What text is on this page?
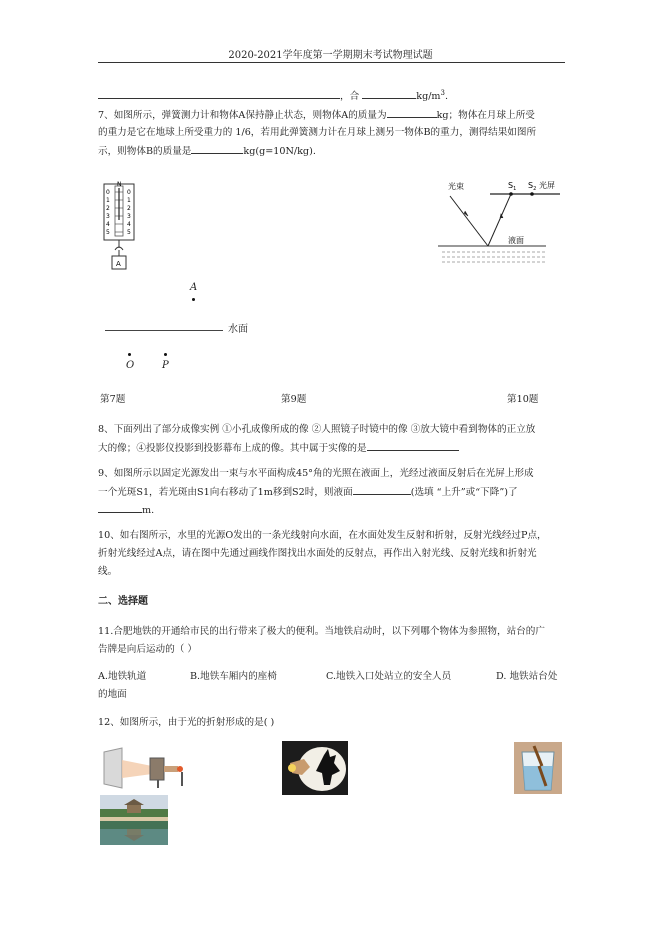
2020-2021学年度第一学期期末考试物理试题
，合	$kg/m^3$.
7、如图所示，弹簧测力计和物体A保持静止状态，则物体A的质量为	kg；物体在月球上所受
的重力是它在地球上所受重力的 1/6，若用此弹簧测力计在月球上测另一物体B的重力，测得结果如图所
示，则物体B的质量是	kg(g=10N/kg).
N
0
1
2
3
4
5
0
1
2
3
4
5
A
A
水面
O	P
$S_1$ $S_2$ 光屏
光束
液面
第7题	第9题	第10题
8、下面列出了部分成像实例 ①小孔成像所成的像 ②人照镜子时镜中的像 ③放大镜中看到物体的正立放
大的像；④投影仪投影到投影幕布上成的像。其中属于实像的是
9、如图所示以固定光源发出一束与水平面构成45°角的光照在液面上，光经过液面反射后在光屏上形成
一个光斑S1，若光斑由S1向右移动了1m移到S2时，则液面	(选填 “上升”或“下降”)了
m.
10、如右图所示，水里的光源O发出的一条光线射向水面，在水面处发生反射和折射，反射光线经过P点，
折射光线经过A点，请在图中先通过画线作图找出水面处的反射点，再作出入射光线、反射光线和折射光
线。
二、选择题
11.合肥地铁的开通给市民的出行带来了极大的便利。当地铁启动时，以下列哪个物体为参照物，站台的广
告牌是向后运动的（ ）
A.地铁轨道	B.地铁车厢内的座椅	C.地铁入口处站立的安全人员	D. 地铁站台处
的地面
12、如图所示，由于光的折射形成的是( )
